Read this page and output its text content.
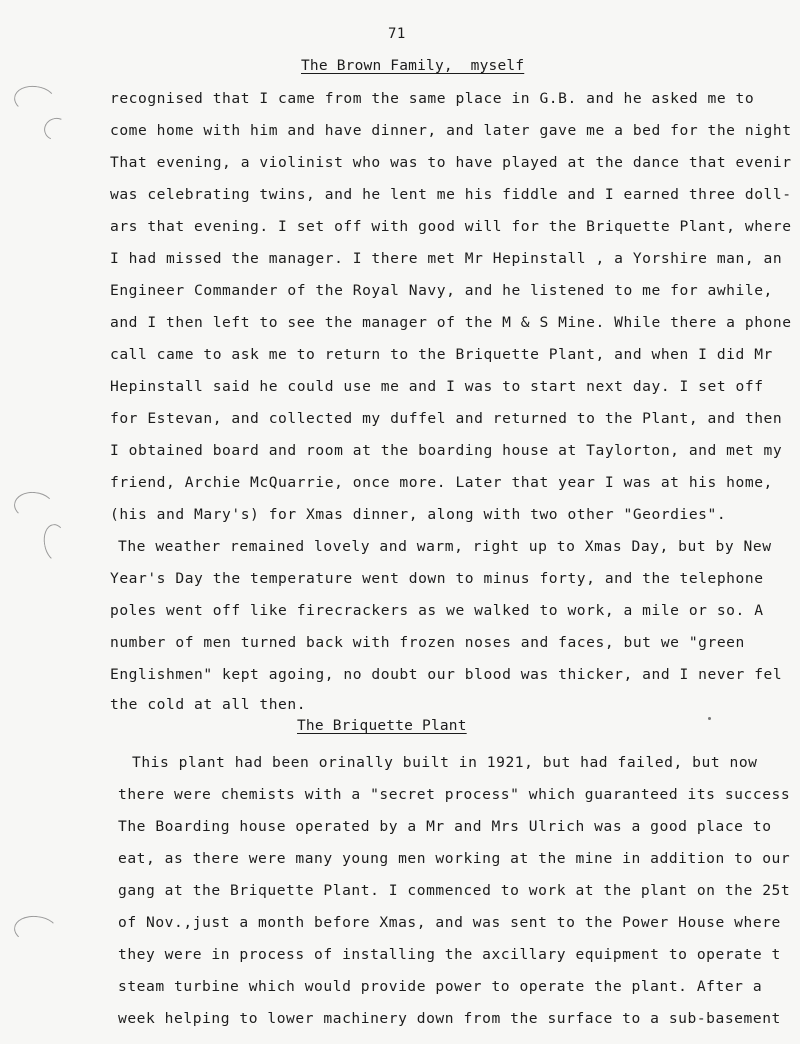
71
The Brown Family,  myself
recognised that I came from the same place in G.B. and he asked me to
come home with him and have dinner, and later gave me a bed for the night
That evening, a violinist who was to have played at the dance that evenir
was celebrating twins, and he lent me his fiddle and I earned three doll-
ars that evening. I set off with good will for the Briquette Plant, where
I had missed the manager. I there met Mr Hepinstall , a Yorshire man, an
Engineer Commander of the Royal Navy, and he listened to me for awhile,
and I then left to see the manager of the M & S Mine. While there a phone
call came to ask me to return to the Briquette Plant, and when I did Mr
Hepinstall said he could use me and I was to start next day. I set off
for Estevan, and collected my duffel and returned to the Plant, and then
I obtained board and room at the boarding house at Taylorton, and met my
friend, Archie McQuarrie, once more. Later that year I was at his home,
(his and Mary's) for Xmas dinner, along with two other "Geordies".
The weather remained lovely and warm, right up to Xmas Day, but by New
Year's Day the temperature went down to minus forty, and the telephone
poles went off like firecrackers as we walked to work, a mile or so. A
number of men turned back with frozen noses and faces, but we "green
Englishmen" kept agoing, no doubt our blood was thicker, and I never fel
the cold at all then.
The Briquette Plant
This plant had been orinally built in 1921, but had failed, but now
there were chemists with a "secret process" which guaranteed its success
The Boarding house operated by a Mr and Mrs Ulrich was a good place to
eat, as there were many young men working at the mine in addition to our
gang at the Briquette Plant. I commenced to work at the plant on the 25t
of Nov.,just a month before Xmas, and was sent to the Power House where
they were in process of installing the axcillary equipment to operate t
steam turbine which would provide power to operate the plant. After a
week helping to lower machinery down from the surface to a sub-basement
